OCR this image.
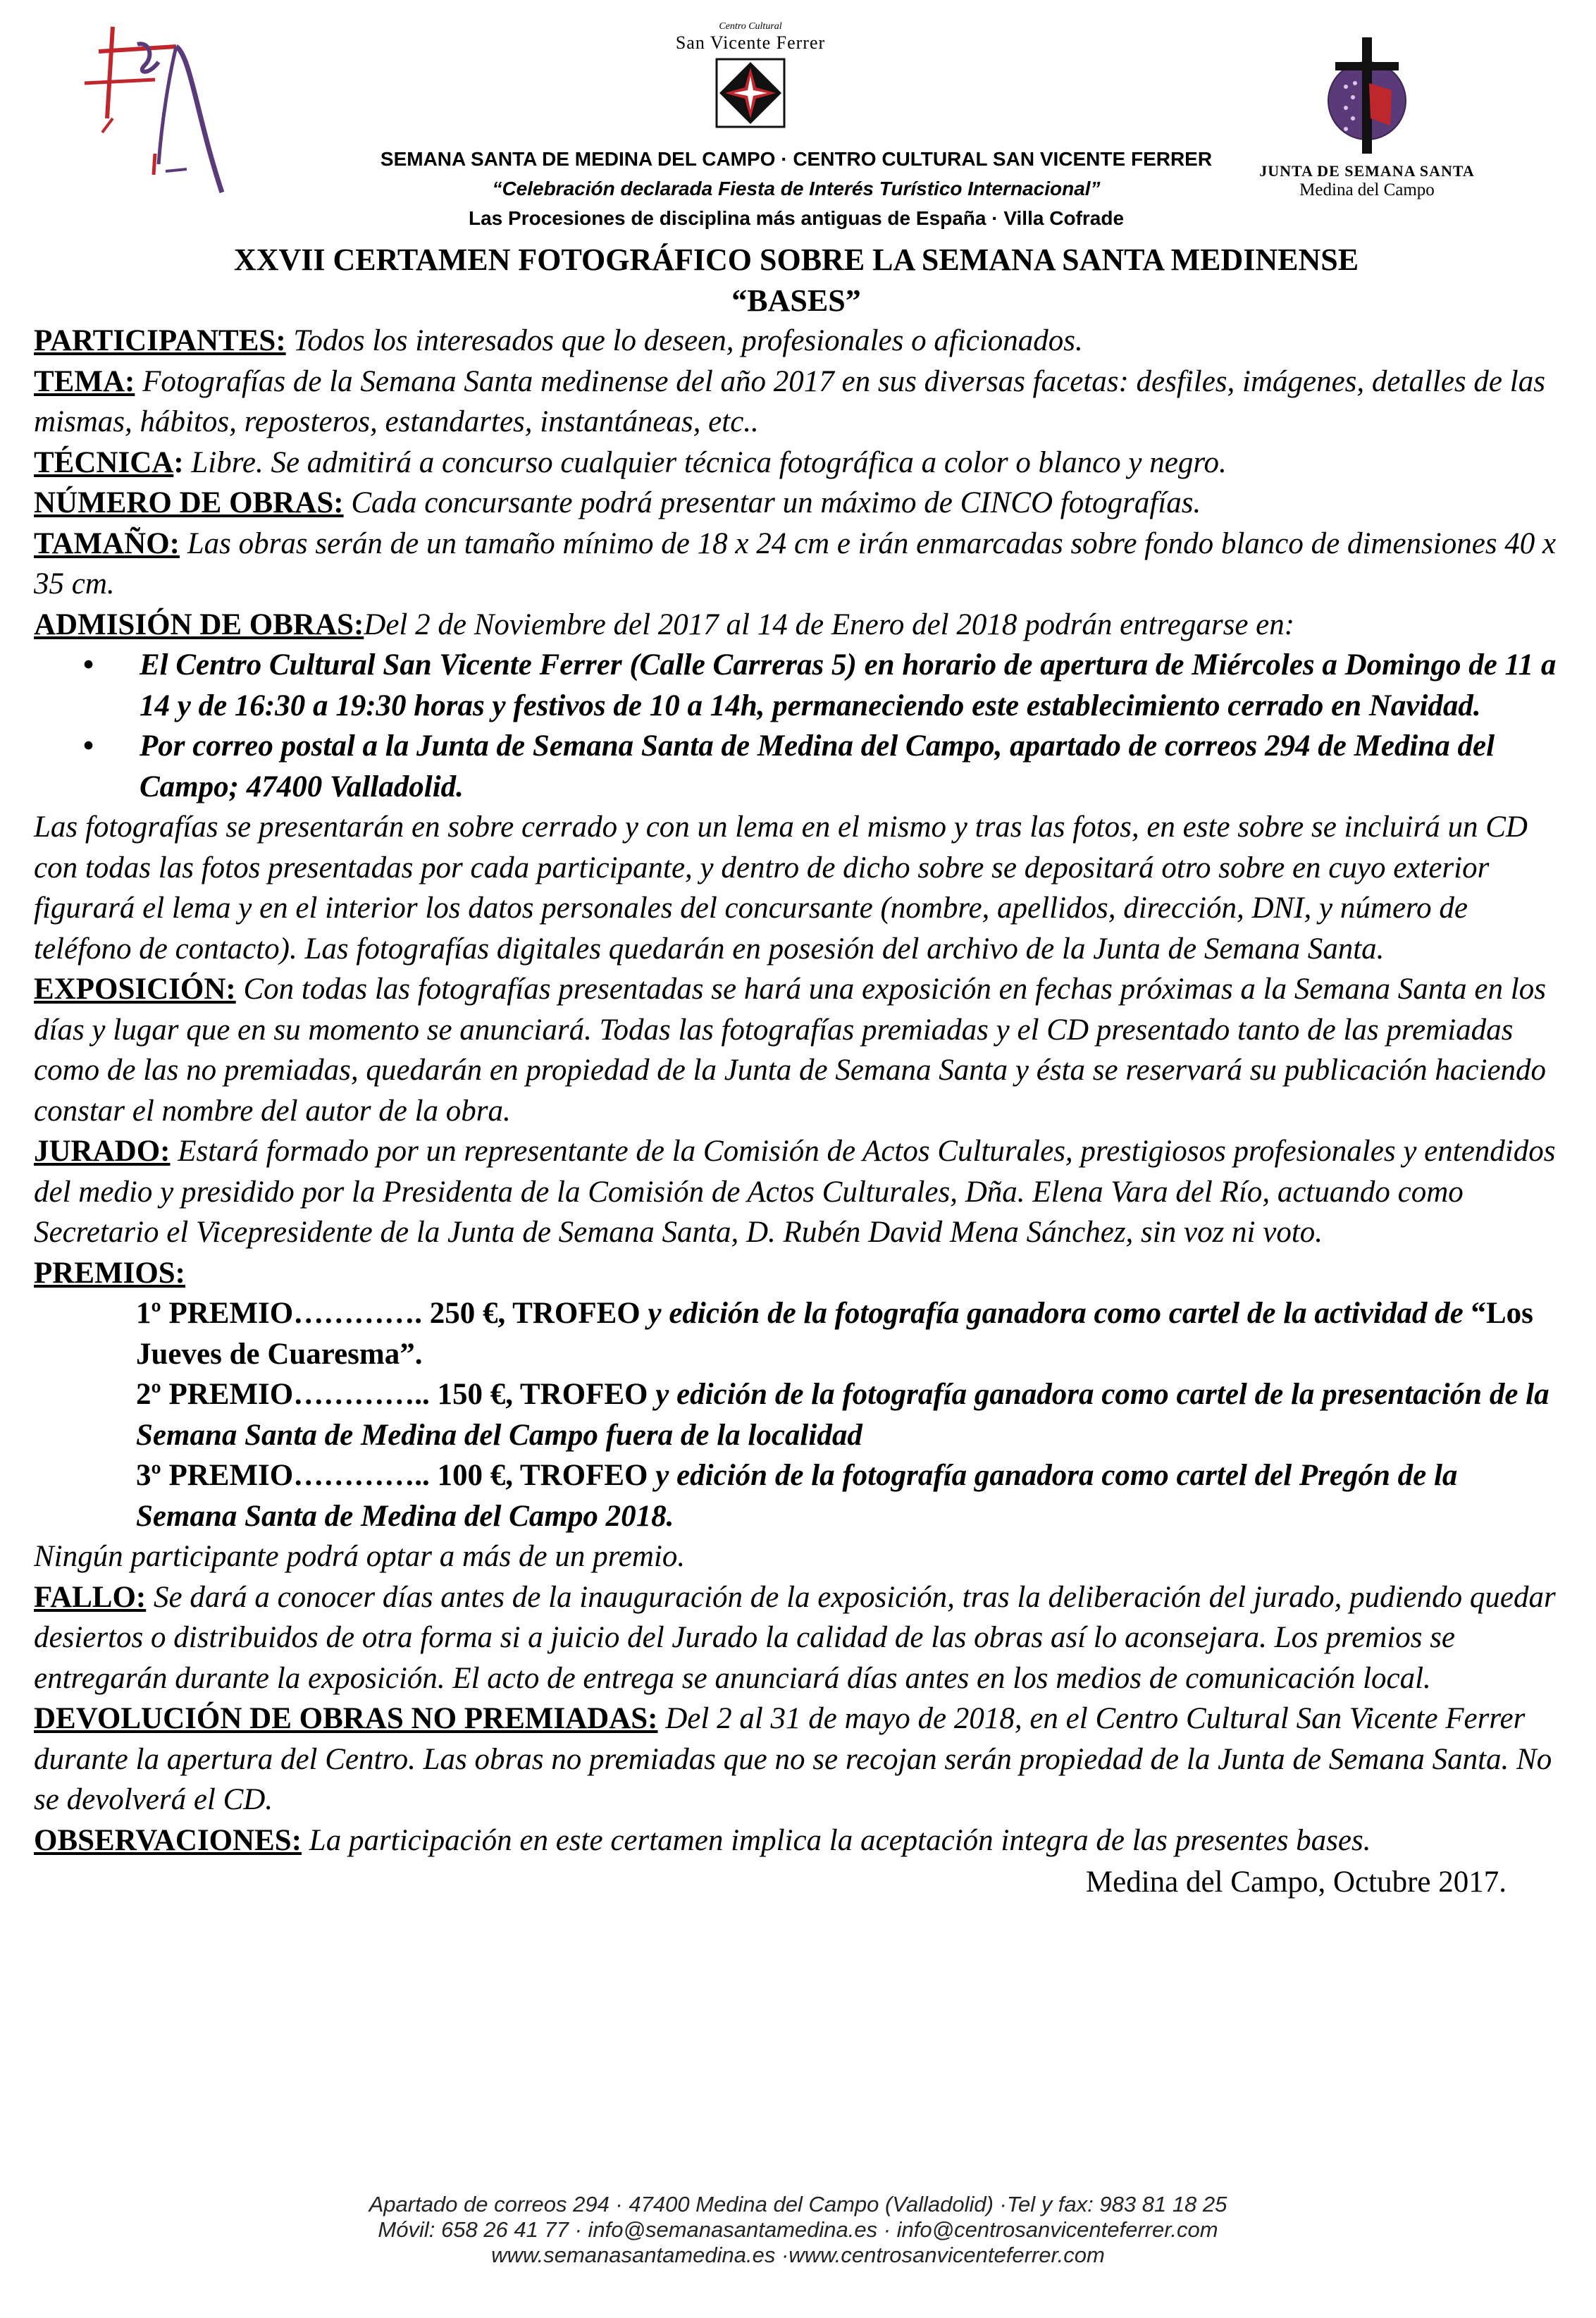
Centro Cultural
San Vicente Ferrer
JUNTA DE SEMANA SANTA
Medina del Campo
SEMANA SANTA DE MEDINA DEL CAMPO · CENTRO CULTURAL SAN VICENTE FERRER
“Celebración declarada Fiesta de Interés Turístico Internacional”
Las Procesiones de disciplina más antiguas de España · Villa Cofrade
XXVII CERTAMEN FOTOGRÁFICO SOBRE LA SEMANA SANTA MEDINENSE
“BASES”

PARTICIPANTES: Todos los interesados que lo deseen, profesionales o aficionados.

TEMA: Fotografías de la Semana Santa medinense del año 2017 en sus diversas facetas: desfiles, imágenes, detalles de las mismas, hábitos, reposteros, estandartes, instantáneas, etc..

TÉCNICA: Libre. Se admitirá a concurso cualquier técnica fotográfica a color o blanco y negro.

NÚMERO DE OBRAS: Cada concursante podrá presentar un máximo de CINCO fotografías.

TAMAÑO: Las obras serán de un tamaño mínimo de 18 x 24 cm e irán enmarcadas sobre fondo blanco de dimensiones 40 x 35 cm.

ADMISIÓN DE OBRAS:Del 2 de Noviembre del 2017 al 14 de Enero del 2018 podrán entregarse en:

• El Centro Cultural San Vicente Ferrer (Calle Carreras 5) en horario de apertura de Miércoles a Domingo de 11 a 14 y de 16:30 a 19:30 horas y festivos de 10 a 14h, permaneciendo este establecimiento cerrado en Navidad.
• Por correo postal a la Junta de Semana Santa de Medina del Campo, apartado de correos 294 de Medina del Campo; 47400 Valladolid.

Las fotografías se presentarán en sobre cerrado y con un lema en el mismo y tras las fotos, en este sobre se incluirá un CD con todas las fotos presentadas por cada participante, y dentro de dicho sobre se depositará otro sobre en cuyo exterior figurará el lema y en el interior los datos personales del concursante (nombre, apellidos, dirección, DNI, y número de teléfono de contacto). Las fotografías digitales quedarán en posesión del archivo de la Junta de Semana Santa.

EXPOSICIÓN: Con todas las fotografías presentadas se hará una exposición en fechas próximas a la Semana Santa en los días y lugar que en su momento se anunciará. Todas las fotografías premiadas y el CD presentado tanto de las premiadas como de las no premiadas, quedarán en propiedad de la Junta de Semana Santa y ésta se reservará su publicación haciendo constar el nombre del autor de la obra.

JURADO: Estará formado por un representante de la Comisión de Actos Culturales, prestigiosos profesionales y entendidos del medio y presidido por la Presidenta de la Comisión de Actos Culturales, Dña. Elena Vara del Río, actuando como Secretario el Vicepresidente de la Junta de Semana Santa, D. Rubén David Mena Sánchez, sin voz ni voto.

PREMIOS:

1º PREMIO…………. 250 €, TROFEO y edición de la fotografía ganadora como cartel de la actividad de “Los Jueves de Cuaresma”.

2º PREMIO………….. 150 €, TROFEO y edición de la fotografía ganadora como cartel de la presentación de la Semana Santa de Medina del Campo fuera de la localidad

3º PREMIO………….. 100 €, TROFEO y edición de la fotografía ganadora como cartel del Pregón de la Semana Santa de Medina del Campo 2018.

Ningún participante podrá optar a más de un premio.

FALLO: Se dará a conocer días antes de la inauguración de la exposición, tras la deliberación del jurado, pudiendo quedar desiertos o distribuidos de otra forma si a juicio del Jurado la calidad de las obras así lo aconsejara. Los premios se entregarán durante la exposición. El acto de entrega se anunciará días antes en los medios de comunicación local.

DEVOLUCIÓN DE OBRAS NO PREMIADAS: Del 2 al 31 de mayo de 2018, en el Centro Cultural San Vicente Ferrer durante la apertura del Centro. Las obras no premiadas que no se recojan serán propiedad de la Junta de Semana Santa. No se devolverá el CD.

OBSERVACIONES: La participación en este certamen implica la aceptación integra de las presentes bases.

Medina del Campo, Octubre 2017.

Apartado de correos 294 · 47400 Medina del Campo (Valladolid) ·Tel y fax: 983 81 18 25
Móvil: 658 26 41 77 · info@semanasantamedina.es · info@centrosanvicenteferrer.com
www.semanasantamedina.es ·www.centrosanvicenteferrer.com
